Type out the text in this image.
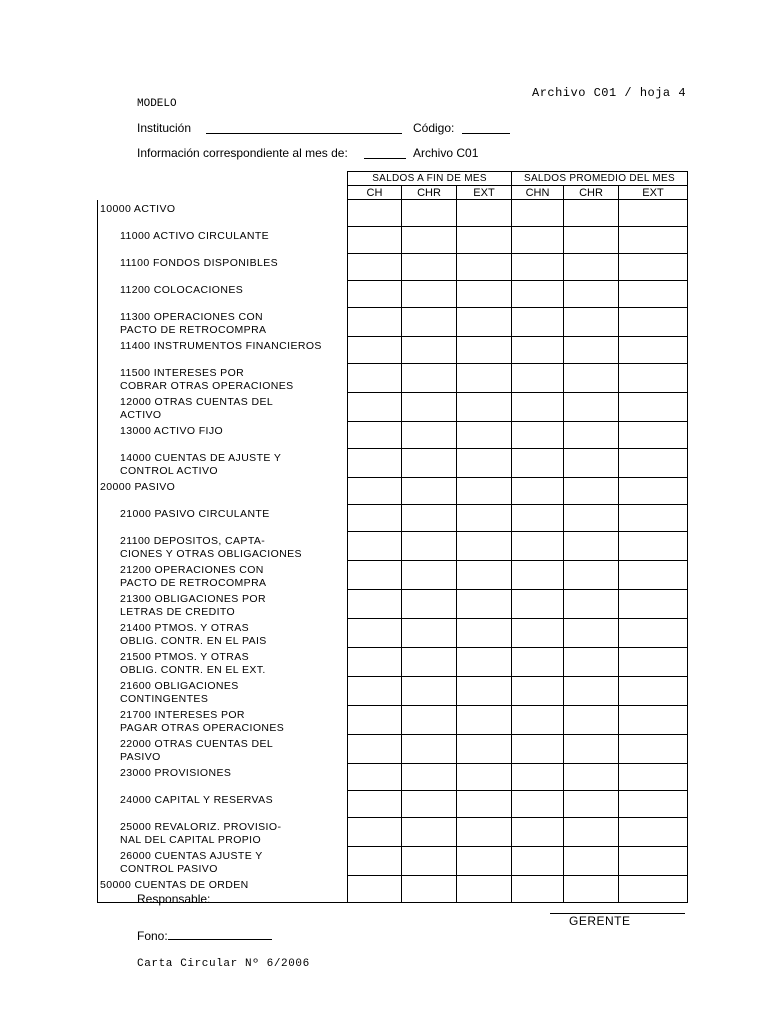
Archivo C01 / hoja 4
MODELO
Institución	Código:
Información correspondiente al mes de:	Archivo C01
	SALDOS A FIN DE MES			SALDOS PROMEDIO DEL MES		
	CH	CHR	EXT	CHN	CHR	EXT
10000 ACTIVO						
11000 ACTIVO CIRCULANTE						
11100 FONDOS DISPONIBLES						
11200 COLOCACIONES						
11300 OPERACIONES CON
PACTO DE RETROCOMPRA						
11400 INSTRUMENTOS FINANCIEROS						
11500 INTERESES POR
COBRAR OTRAS OPERACIONES						
12000 OTRAS CUENTAS DEL
ACTIVO						
13000 ACTIVO FIJO						
14000 CUENTAS DE AJUSTE Y
CONTROL ACTIVO						
20000 PASIVO						
21000 PASIVO CIRCULANTE						
21100 DEPOSITOS, CAPTA-
CIONES Y OTRAS OBLIGACIONES						
21200 OPERACIONES CON
PACTO DE RETROCOMPRA						
21300 OBLIGACIONES POR
LETRAS DE CREDITO						
21400 PTMOS. Y OTRAS
OBLIG. CONTR. EN EL PAIS						
21500 PTMOS. Y OTRAS
OBLIG. CONTR. EN EL EXT.						
21600 OBLIGACIONES
CONTINGENTES						
21700 INTERESES POR
PAGAR OTRAS OPERACIONES						
22000 OTRAS CUENTAS DEL
PASIVO						
23000 PROVISIONES						
24000 CAPITAL Y RESERVAS						
25000 REVALORIZ. PROVISIO-
NAL DEL CAPITAL PROPIO						
26000 CUENTAS AJUSTE Y
CONTROL PASIVO						
50000 CUENTAS DE ORDEN						
Responsable:
Fono:
GERENTE
Carta Circular Nº 6/2006
